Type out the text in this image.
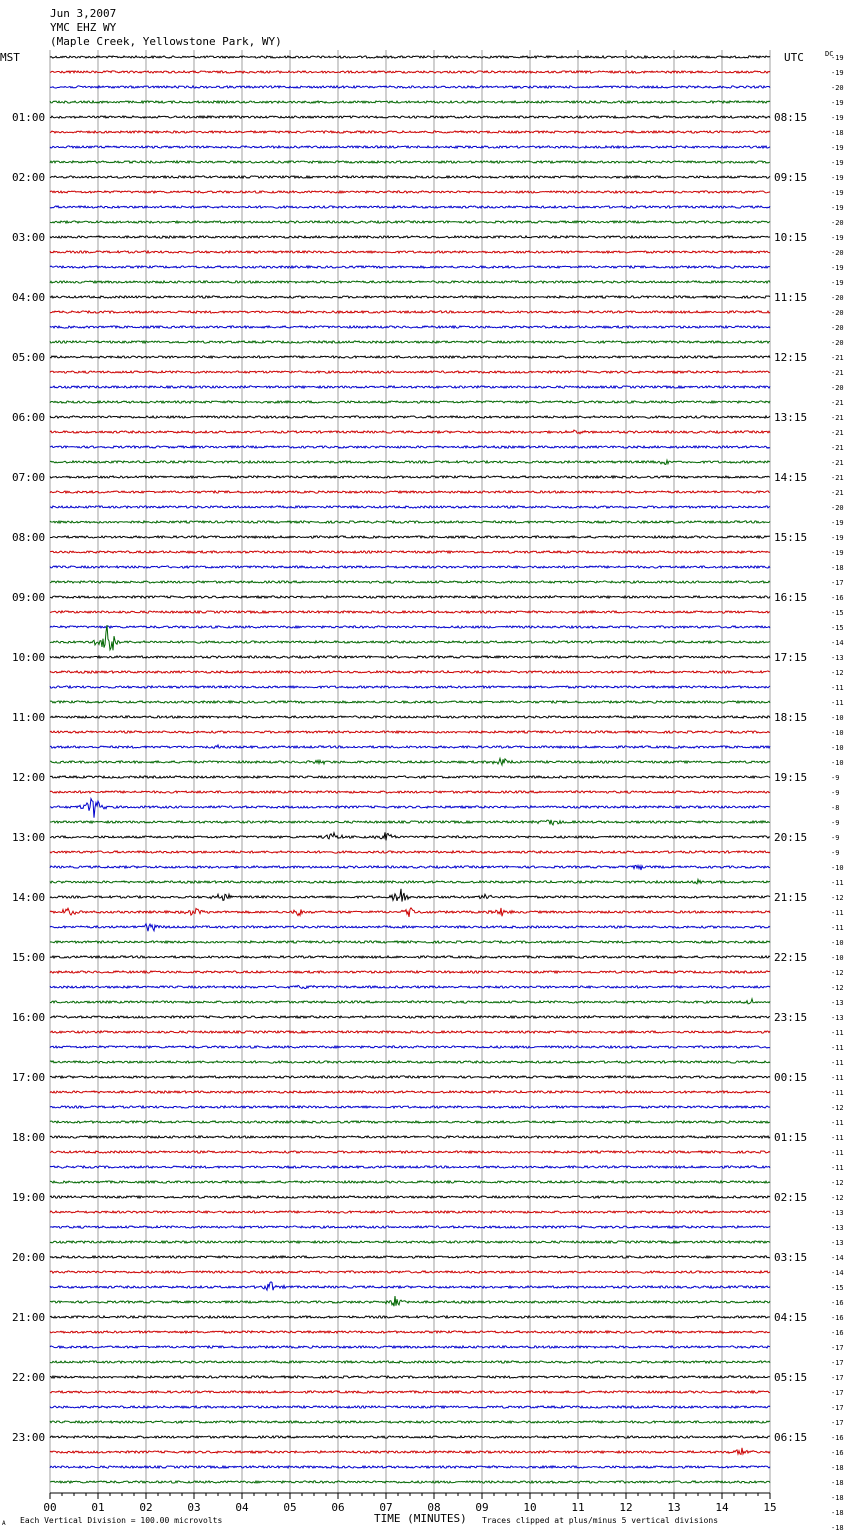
Jun 3,2007
YMC EHZ WY
(Maple Creek, Yellowstone Park, WY)
MST	UTC	DC
01:00
02:00
03:00
04:00
05:00
06:00
07:00
08:00
09:00
10:00
11:00
12:00
13:00
14:00
15:00
16:00
17:00
18:00
19:00
20:00
21:00
22:00
23:00
08:15
09:15
10:15
11:15
12:15
13:15
14:15
15:15
16:15
17:15
18:15
19:15
20:15
21:15
22:15
23:15
00:15
01:15
02:15
03:15
04:15
05:15
06:15
-19
-19
-20
-19
-19
-18
-19
-19
-19
-19
-19
-20
-19
-20
-19
-19
-20
-20
-20
-20
-21
-21
-20
-21
-21
-21
-21
-21
-21
-21
-20
-19
-19
-19
-18
-17
-16
-15
-15
-14
-13
-12
-11
-11
-10
-10
-10
-10
-9
-9
-8
-9
-9
-9
-10
-11
-12
-11
-11
-10
-10
-12
-12
-13
-13
-11
-11
-11
-11
-11
-12
-11
-11
-11
-11
-12
-12
-13
-13
-13
-14
-14
-15
-16
-16
-16
-17
-17
-17
-17
-17
-17
-16
-16
-18
-18
-18
-18
-18
00	01	02	03	04	05	06	07	08	09	10	11	12	13	14	15
TIME (MINUTES)
A Each Vertical Division = 100.00 microvolts	Traces clipped at plus/minus 5 vertical divisions
